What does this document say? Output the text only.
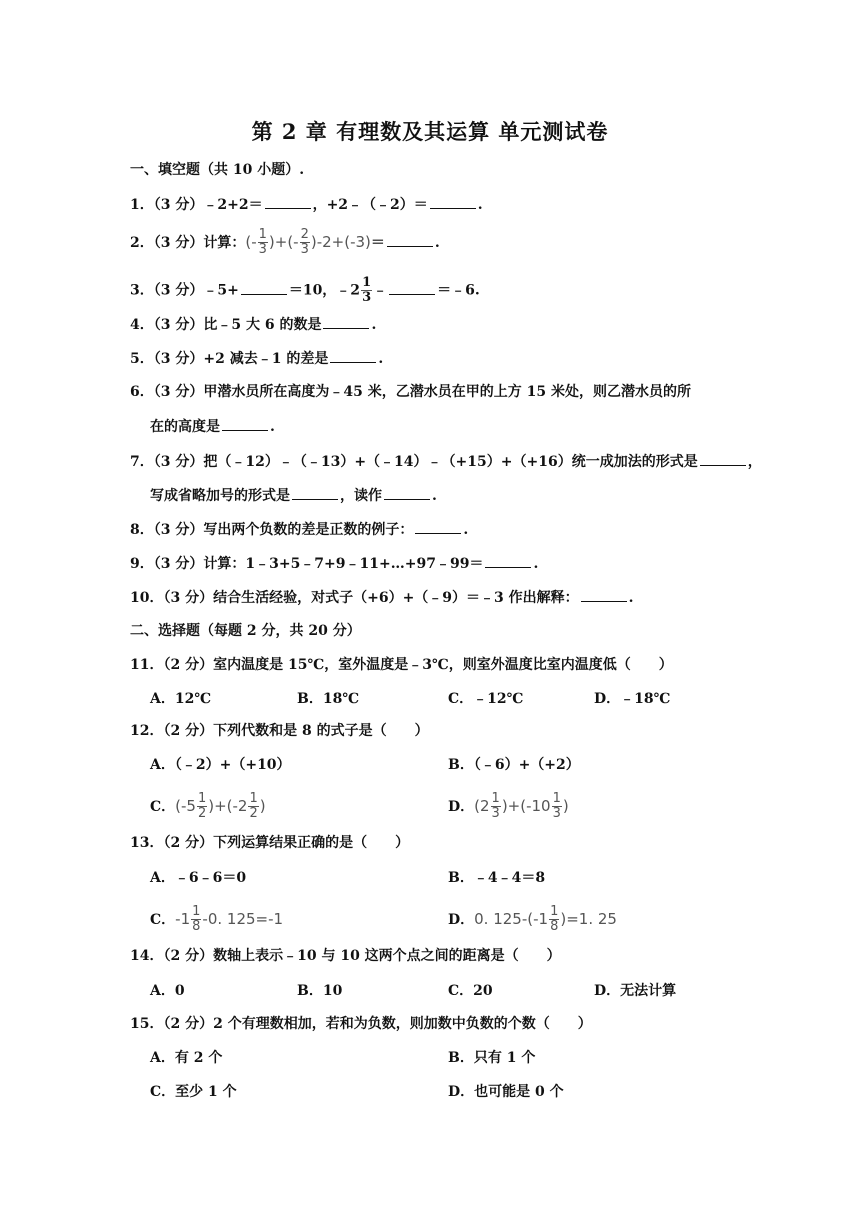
第 2 章 有理数及其运算 单元测试卷
一、填空题（共 10 小题）.
1．（3 分）﹣2+2＝	，+2﹣（﹣2）＝	.
2．（3 分）计算：(- $\frac{1}{3}$ )+(- $\frac{2}{3} )-2+(-3)=$	.
3．（3 分）﹣5+	＝10，﹣2 $\frac{1}{3}$ ﹣	＝﹣6.
4．（3 分）比﹣5 大 6 的数是	.
5．（3 分）+2 减去﹣1 的差是	.
6．（3 分）甲潜水员所在高度为﹣45 米，乙潜水员在甲的上方 15 米处，则乙潜水员的所
在的高度是	.
7．（3 分）把（﹣12）﹣（﹣13）+（﹣14）﹣（+15）+（+16）统一成加法的形式是	，
写成省略加号的形式是	，读作	.
8．（3 分）写出两个负数的差是正数的例子：	.
9．（3 分）计算：1﹣3+5﹣7+9﹣11+…+97﹣99＝	.
10．（3 分）结合生活经验，对式子（+6）+（﹣9）＝﹣3 作出解释：	.
二、选择题（每题 2 分，共 20 分）
11．（2 分）室内温度是 15℃，室外温度是﹣3℃，则室外温度比室内温度低（　　）
A．12℃	B．18℃	C．﹣12℃	D．﹣18℃
12．（2 分）下列代数和是 8 的式子是（　　）
A．（﹣2）+（+10）	B．（﹣6）+（+2）
C．$(-5 \frac{1}{2} )+(-2 \frac{1}{2}$ )	D．$(2 \frac{1}{3} )+(-10 \frac{1}{3}$ )
13．（2 分）下列运算结果正确的是（　　）
A．﹣6﹣6＝0	B．﹣4﹣4＝8
C．$-1 \frac{1}{8} -0$. 125=-1	D．0. $125-(-1 \frac{1}{8} )=1$. 25
14．（2 分）数轴上表示﹣10 与 10 这两个点之间的距离是（　　）
A．0	B．10	C．20	D．无法计算
15．（2 分）2 个有理数相加，若和为负数，则加数中负数的个数（　　）
A．有 2 个	B．只有 1 个
C．至少 1 个	D．也可能是 0 个
